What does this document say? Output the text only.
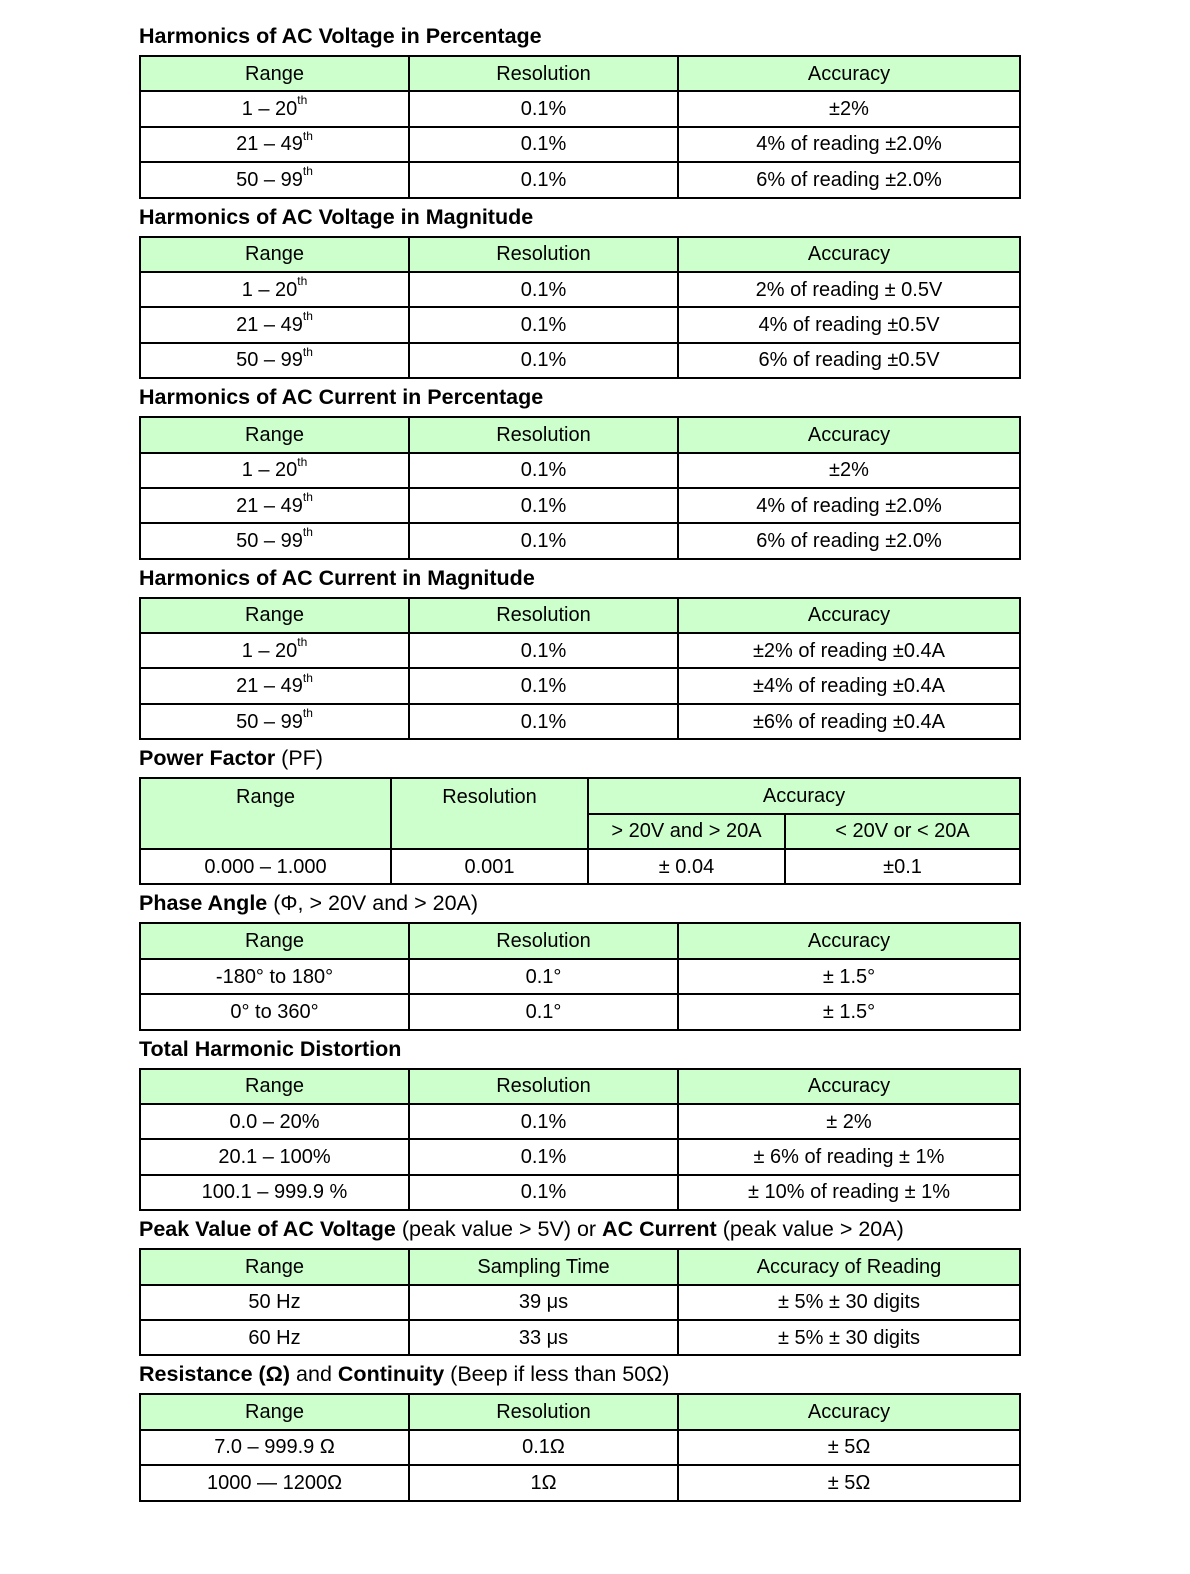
Harmonics of AC Voltage in Percentage
Range	Resolution	Accuracy
1 – 20th	0.1%	±2%
21 – 49th	0.1%	4% of reading ±2.0%
50 – 99th	0.1%	6% of reading ±2.0%
Harmonics of AC Voltage in Magnitude
Range	Resolution	Accuracy
1 – 20th	0.1%	2% of reading ± 0.5V
21 – 49th	0.1%	4% of reading ±0.5V
50 – 99th	0.1%	6% of reading ±0.5V
Harmonics of AC Current in Percentage
Range	Resolution	Accuracy
1 – 20th	0.1%	±2%
21 – 49th	0.1%	4% of reading ±2.0%
50 – 99th	0.1%	6% of reading ±2.0%
Harmonics of AC Current in Magnitude
Range	Resolution	Accuracy
1 – 20th	0.1%	±2% of reading ±0.4A
21 – 49th	0.1%	±4% of reading ±0.4A
50 – 99th	0.1%	±6% of reading ±0.4A
Power Factor (PF)
Range	Resolution	Accuracy	
		> 20V and > 20A	< 20V or < 20A
0.000 – 1.000	0.001	± 0.04	±0.1
Phase Angle (Φ, > 20V and > 20A)
Range	Resolution	Accuracy
-180° to 180°	0.1°	± 1.5°
0° to 360°	0.1°	± 1.5°
Total Harmonic Distortion
Range	Resolution	Accuracy
0.0 – 20%	0.1%	± 2%
20.1 – 100%	0.1%	± 6% of reading ± 1%
100.1 – 999.9 %	0.1%	± 10% of reading ± 1%
Peak Value of AC Voltage (peak value > 5V) or AC Current (peak value > 20A)
Range	Sampling Time	Accuracy of Reading
50 Hz	39 μs	± 5% ± 30 digits
60 Hz	33 μs	± 5% ± 30 digits
Resistance (Ω) and Continuity (Beep if less than 50Ω)
Range	Resolution	Accuracy
7.0 – 999.9 Ω	0.1Ω	± 5Ω
1000 — 1200Ω	1Ω	± 5Ω
